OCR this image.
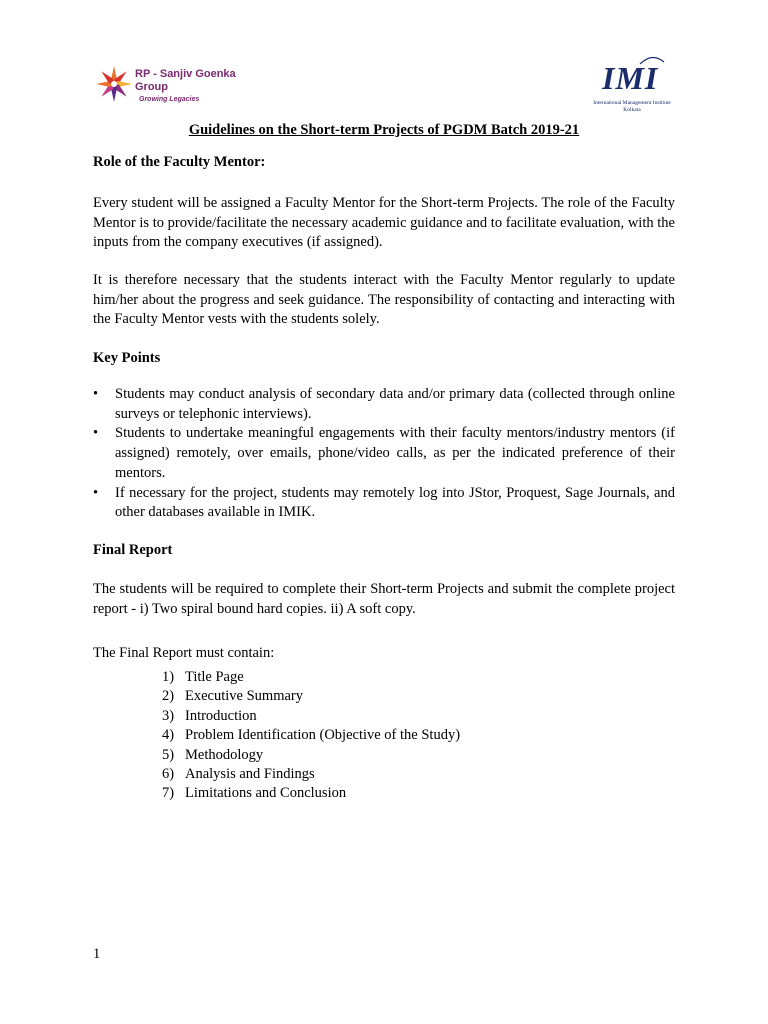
RP - Sanjiv Goenka
Group
Growing Legacies
IMI
International Management Institute
Kolkata
Guidelines on the Short-term Projects of PGDM Batch 2019-21
Role of the Faculty Mentor:

Every student will be assigned a Faculty Mentor for the Short-term Projects. The role of the Faculty Mentor is to provide/facilitate the necessary academic guidance and to facilitate evaluation, with the inputs from the company executives (if assigned).

It is therefore necessary that the students interact with the Faculty Mentor regularly to update him/her about the progress and seek guidance. The responsibility of contacting and interacting with the Faculty Mentor vests with the students solely.

Key Points
• Students may conduct analysis of secondary data and/or primary data (collected through online surveys or telephonic interviews).
• Students to undertake meaningful engagements with their faculty mentors/industry mentors (if assigned) remotely, over emails, phone/video calls, as per the indicated preference of their mentors.
• If necessary for the project, students may remotely log into JStor, Proquest, Sage Journals, and other databases available in IMIK.
Final Report

The students will be required to complete their Short-term Projects and submit the complete project report - i) Two spiral bound hard copies. ii) A soft copy.

The Final Report must contain:

1) Title Page
2) Executive Summary
3) Introduction
4) Problem Identification (Objective of the Study)
5) Methodology
6) Analysis and Findings
7) Limitations and Conclusion
1
